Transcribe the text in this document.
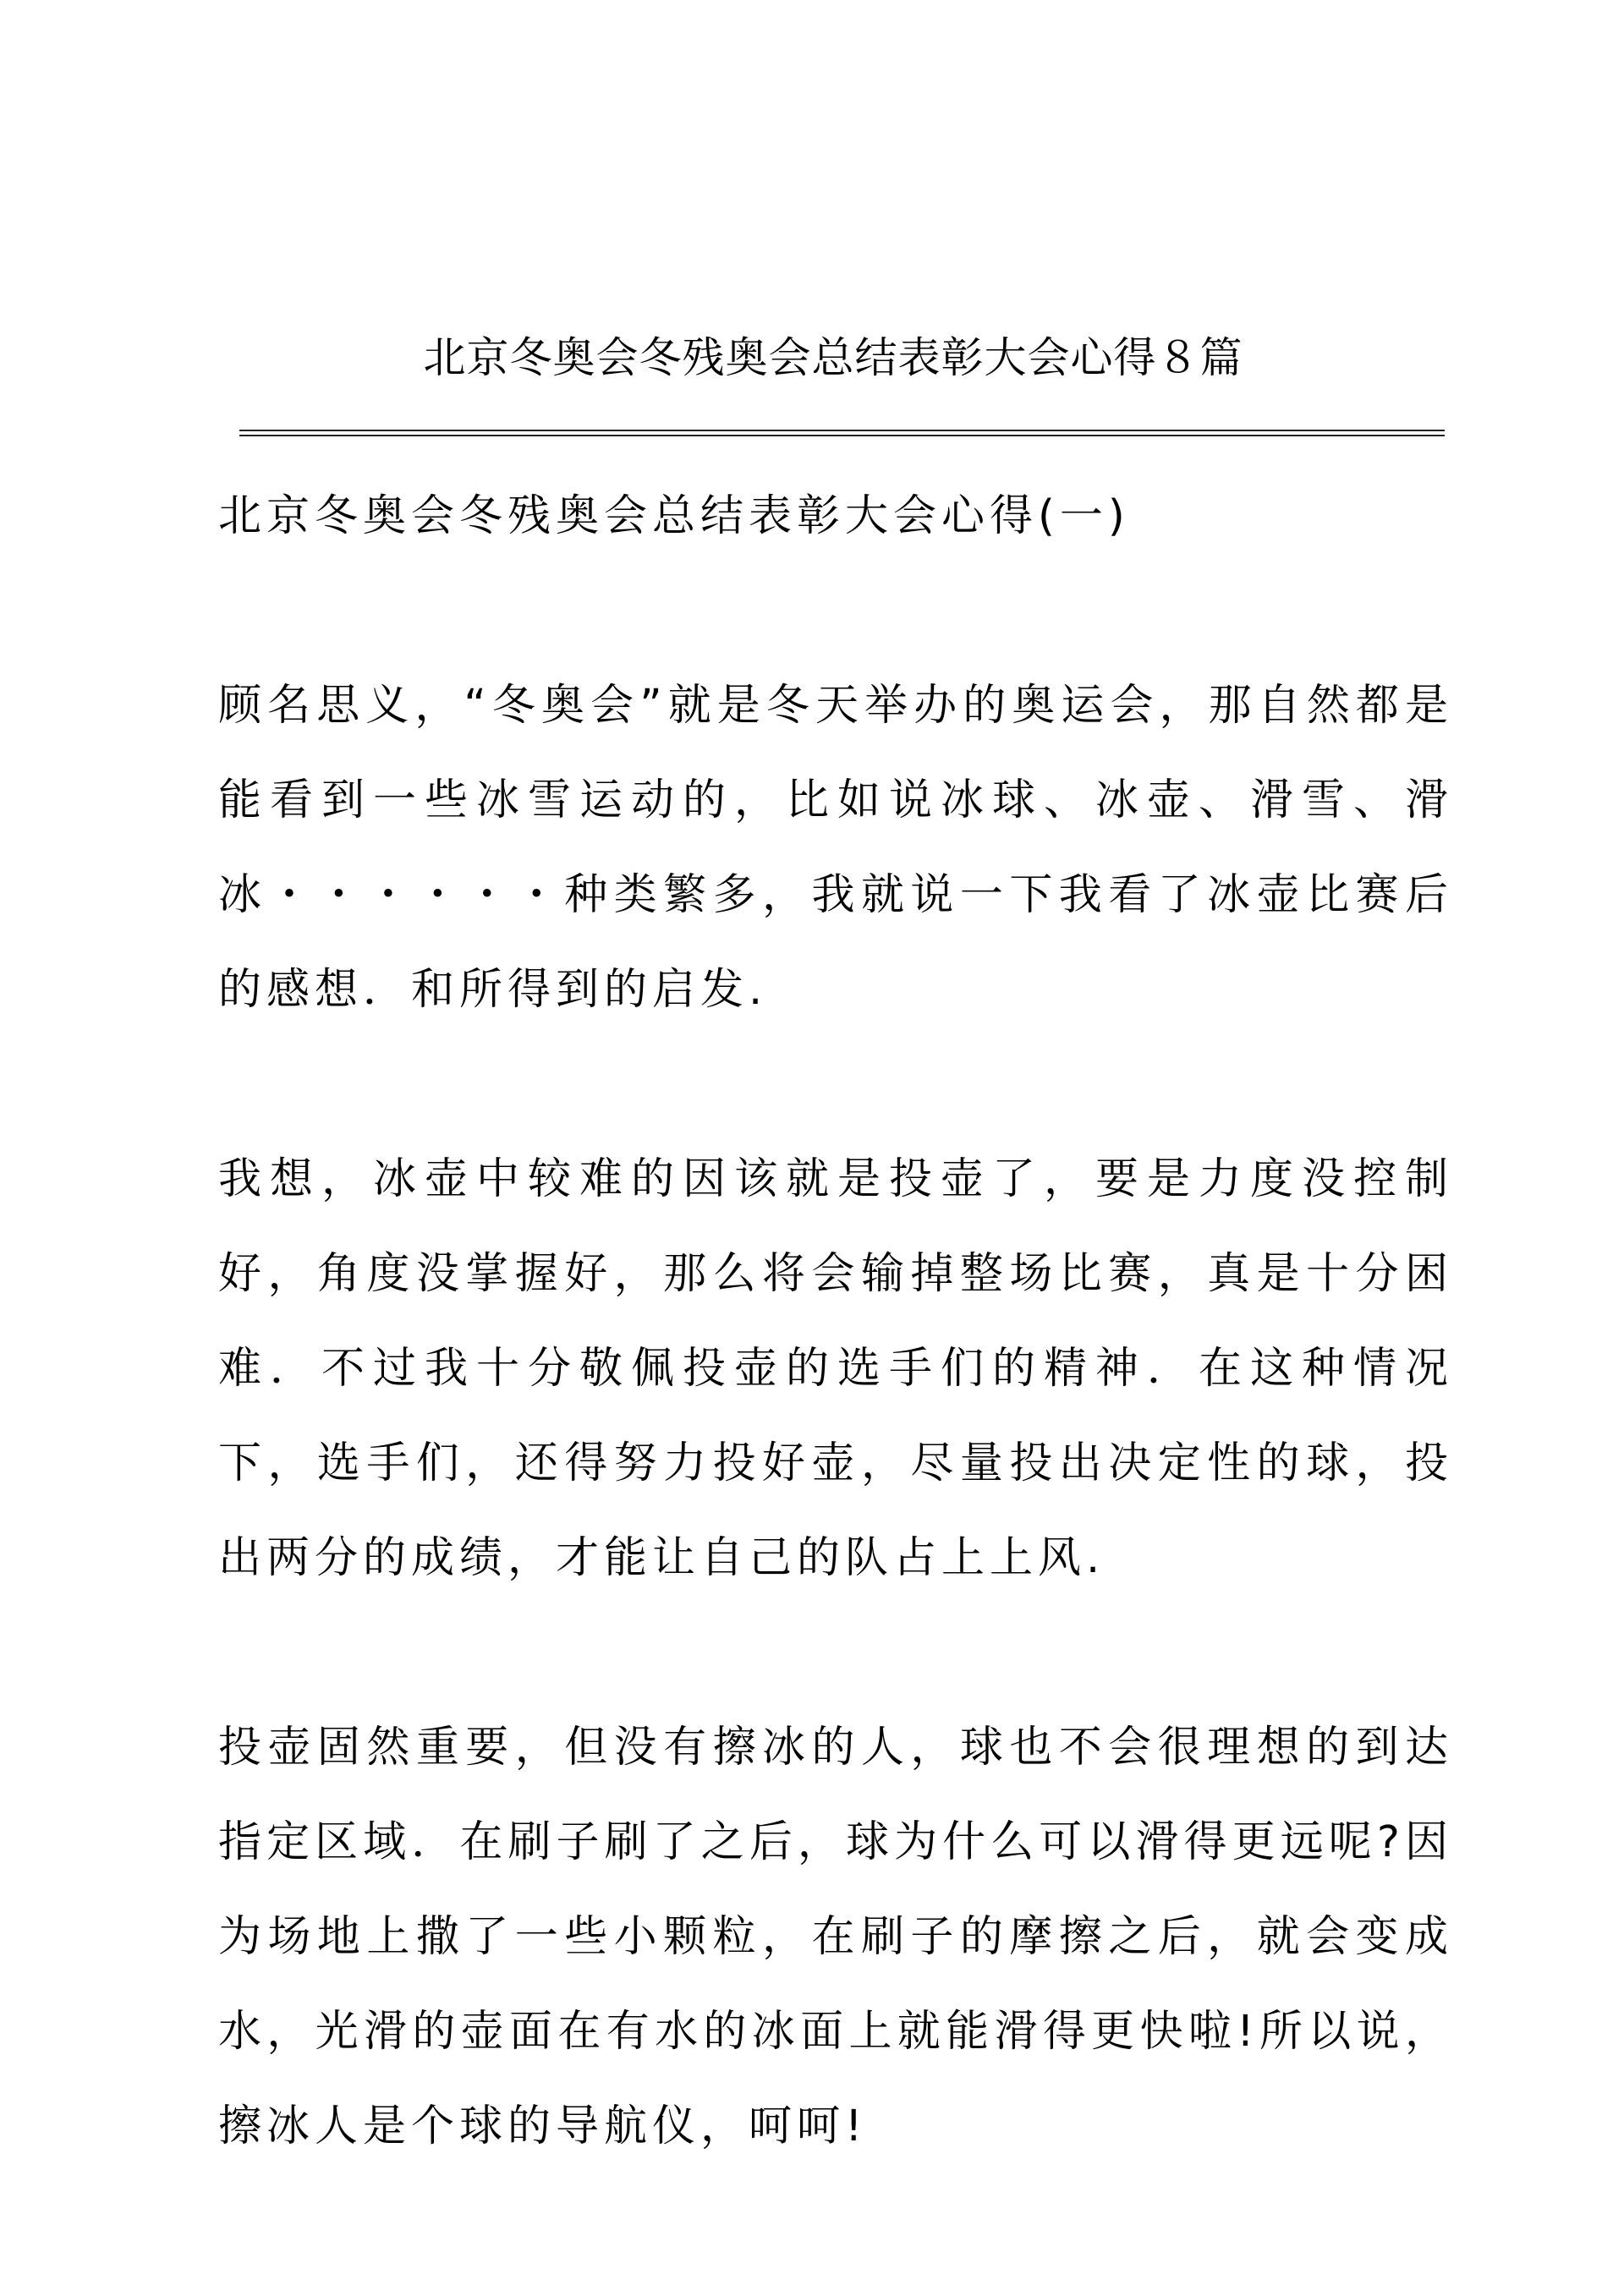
北京冬奥会冬残奥会总结表彰大会心得８篇

北京冬奥会冬残奥会总结表彰大会心得(一)

顾名思义，“冬奥会”就是冬天举办的奥运会，那自然都是能看到一些冰雪运动的，比如说冰球、冰壶、滑雪、滑冰・・・・・・种类繁多，我就说一下我看了冰壶比赛后的感想．和所得到的启发.

我想，冰壶中较难的因该就是投壶了，要是力度没控制好，角度没掌握好，那么将会输掉整场比赛，真是十分困难．不过我十分敬佩投壶的选手们的精神．在这种情况下，选手们，还得努力投好壶，尽量投出决定性的球，投出两分的成绩，才能让自己的队占上上风.

投壶固然重要，但没有擦冰的人，球也不会很理想的到达指定区域．在刷子刷了之后，球为什么可以滑得更远呢?因为场地上撒了一些小颗粒，在刷子的摩擦之后，就会变成水，光滑的壶面在有水的冰面上就能滑得更快啦!所以说，擦冰人是个球的导航仪，呵呵!
